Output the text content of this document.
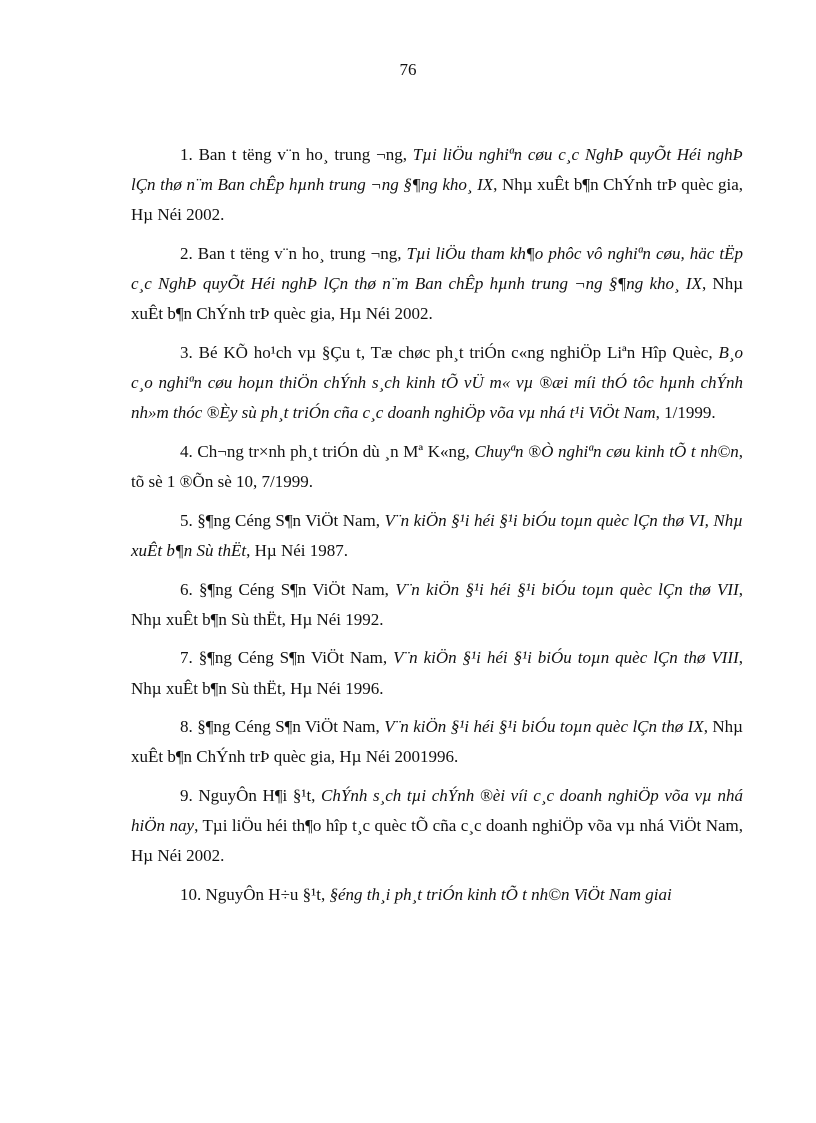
76

1. Ban t tëng v¨n ho¸ trung ¬ng, Tµi liÖu nghiªn cøu c¸c NghÞ quyÕt Héi nghÞ lÇn thø n¨m Ban chÊp hµnh trung ¬ng §¶ng kho¸ IX, Nhµ xuÊt b¶n ChÝnh trÞ quèc gia, Hµ Néi 2002.

2. Ban t tëng v¨n ho¸ trung ¬ng, Tµi liÖu tham kh¶o phôc vô nghiªn cøu, häc tËp c¸c NghÞ quyÕt Héi nghÞ lÇn thø n¨m Ban chÊp hµnh trung ¬ng §¶ng kho¸ IX, Nhµ xuÊt b¶n ChÝnh trÞ quèc gia, Hµ Néi 2002.

3. Bé KÕ ho¹ch vµ §Çu t, Tæ chøc ph¸t triÓn c«ng nghiÖp Liªn Hîp Quèc, B¸o c¸o nghiªn cøu hoµn thiÖn chÝnh s¸ch kinh tÕ vÜ m« vµ ®æi míi thÓ tôc hµnh chÝnh nh»m thóc ®Èy sù ph¸t triÓn cña c¸c doanh nghiÖp võa vµ nhá t¹i ViÖt Nam, 1/1999.

4. Ch¬ng tr×nh ph¸t triÓn dù ¸n Mª K«ng, Chuyªn ®Ò nghiªn cøu kinh tÕ t nh©n, tõ sè 1 ®Õn sè 10, 7/1999.

5. §¶ng Céng S¶n ViÖt Nam, V¨n kiÖn §¹i héi §¹i biÓu toµn quèc lÇn thø VI, Nhµ xuÊt b¶n Sù thËt, Hµ Néi 1987.

6. §¶ng Céng S¶n ViÖt Nam, V¨n kiÖn §¹i héi §¹i biÓu toµn quèc lÇn thø VII, Nhµ xuÊt b¶n Sù thËt, Hµ Néi 1992.

7. §¶ng Céng S¶n ViÖt Nam, V¨n kiÖn §¹i héi §¹i biÓu toµn quèc lÇn thø VIII, Nhµ xuÊt b¶n Sù thËt, Hµ Néi 1996.

8. §¶ng Céng S¶n ViÖt Nam, V¨n kiÖn §¹i héi §¹i biÓu toµn quèc lÇn thø IX, Nhµ xuÊt b¶n ChÝnh trÞ quèc gia, Hµ Néi 2001996.

9. NguyÔn H¶i §¹t, ChÝnh s¸ch tµi chÝnh ®èi víi c¸c doanh nghiÖp võa vµ nhá hiÖn nay, Tµi liÖu héi th¶o hîp t¸c quèc tÕ cña c¸c doanh nghiÖp võa vµ nhá ViÖt Nam, Hµ Néi 2002.

10. NguyÔn H÷u §¹t, §éng th¸i ph¸t triÓn kinh tÕ t nh©n ViÖt Nam giai
